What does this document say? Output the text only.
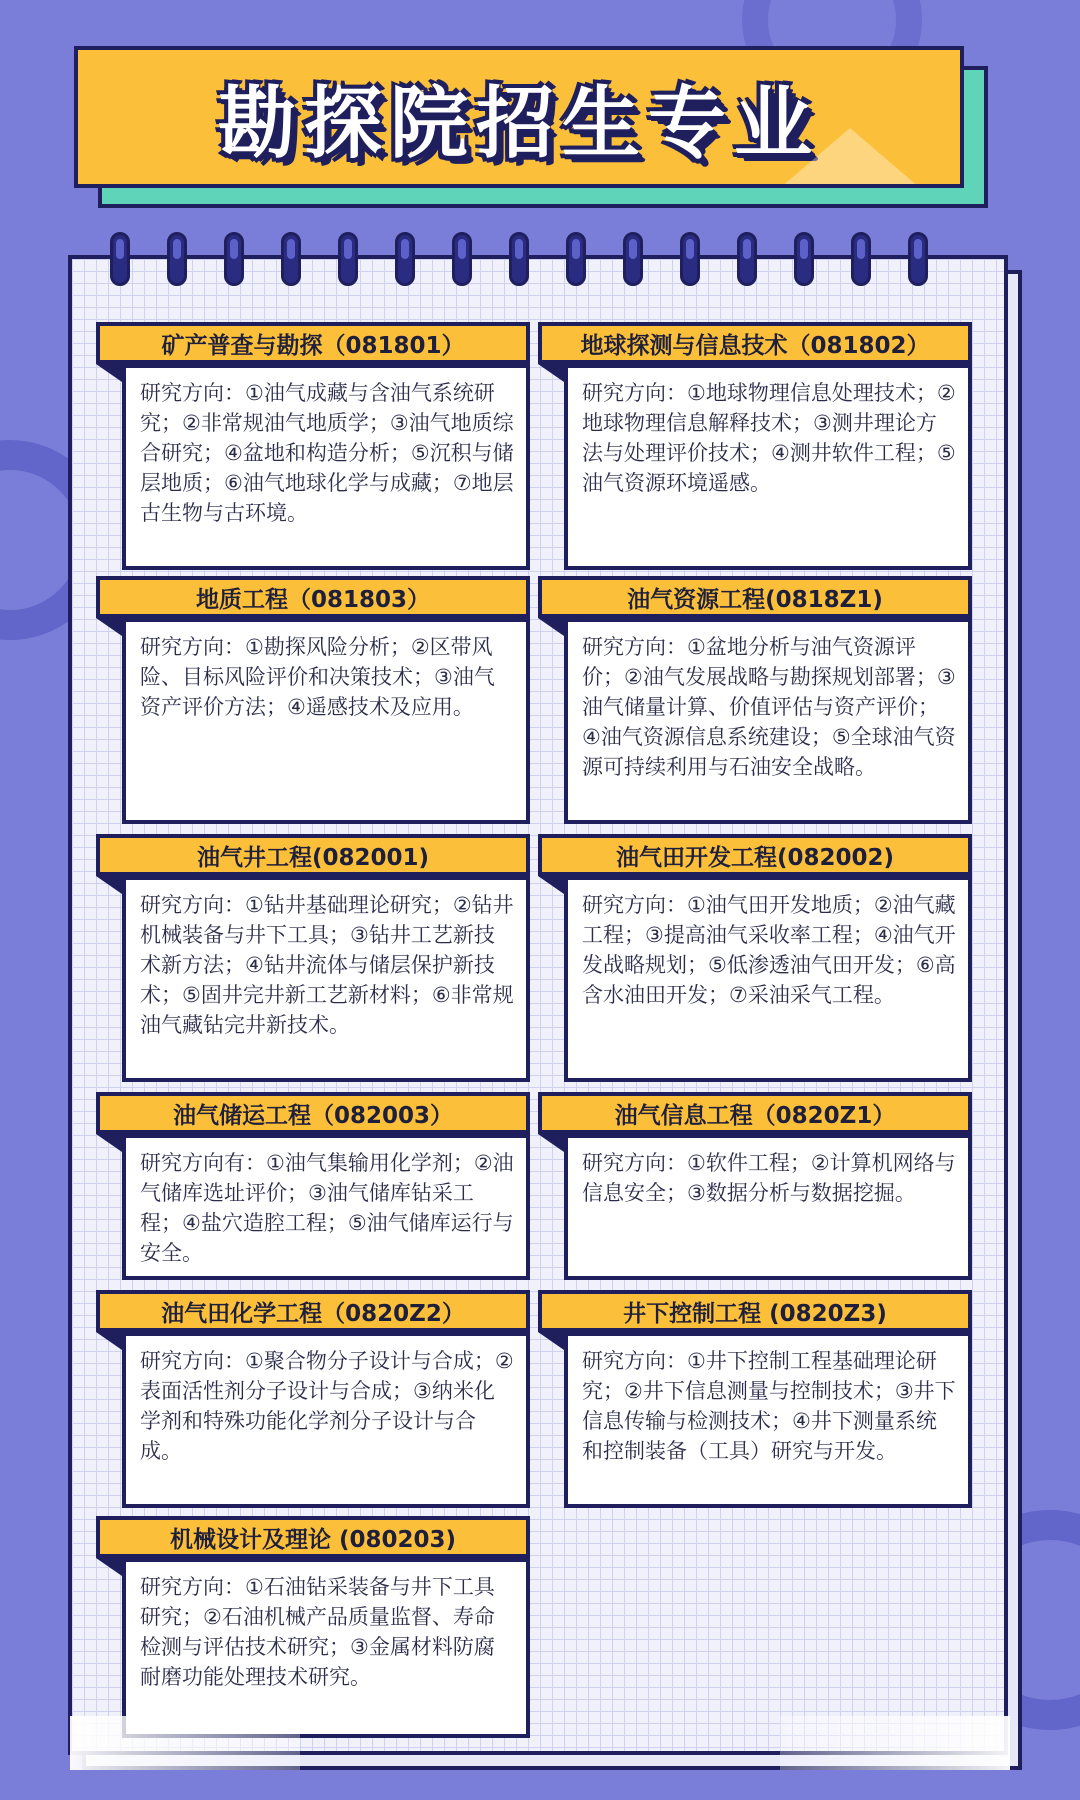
勘探院招生专业
矿产普查与勘探（081801）
研究方向：①油气成藏与含油气系统研究；②非常规油气地质学；③油气地质综合研究；④盆地和构造分析；⑤沉积与储层地质；⑥油气地球化学与成藏；⑦地层古生物与古环境。
地球探测与信息技术（081802）
研究方向：①地球物理信息处理技术；②地球物理信息解释技术；③测井理论方法与处理评价技术；④测井软件工程；⑤油气资源环境遥感。
地质工程（081803）
研究方向：①勘探风险分析；②区带风险、目标风险评价和决策技术；③油气资产评价方法；④遥感技术及应用。
油气资源工程(0818Z1)
研究方向：①盆地分析与油气资源评价；②油气发展战略与勘探规划部署；③油气储量计算、价值评估与资产评价；④油气资源信息系统建设；⑤全球油气资源可持续利用与石油安全战略。
油气井工程(082001)
研究方向：①钻井基础理论研究；②钻井机械装备与井下工具；③钻井工艺新技术新方法；④钻井流体与储层保护新技术；⑤固井完井新工艺新材料；⑥非常规油气藏钻完井新技术。
油气田开发工程(082002)
研究方向：①油气田开发地质；②油气藏工程；③提高油气采收率工程；④油气开发战略规划；⑤低渗透油气田开发；⑥高含水油田开发；⑦采油采气工程。
油气储运工程（082003）
研究方向有：①油气集输用化学剂；②油气储库选址评价；③油气储库钻采工程；④盐穴造腔工程；⑤油气储库运行与安全。
油气信息工程（0820Z1）
研究方向：①软件工程；②计算机网络与信息安全；③数据分析与数据挖掘。
油气田化学工程（0820Z2）
研究方向：①聚合物分子设计与合成；②表面活性剂分子设计与合成；③纳米化学剂和特殊功能化学剂分子设计与合成。
井下控制工程 (0820Z3)
研究方向：①井下控制工程基础理论研究；②井下信息测量与控制技术；③井下信息传输与检测技术；④井下测量系统和控制装备（工具）研究与开发。
机械设计及理论 (080203)
研究方向：①石油钻采装备与井下工具研究；②石油机械产品质量监督、寿命检测与评估技术研究；③金属材料防腐耐磨功能处理技术研究。
